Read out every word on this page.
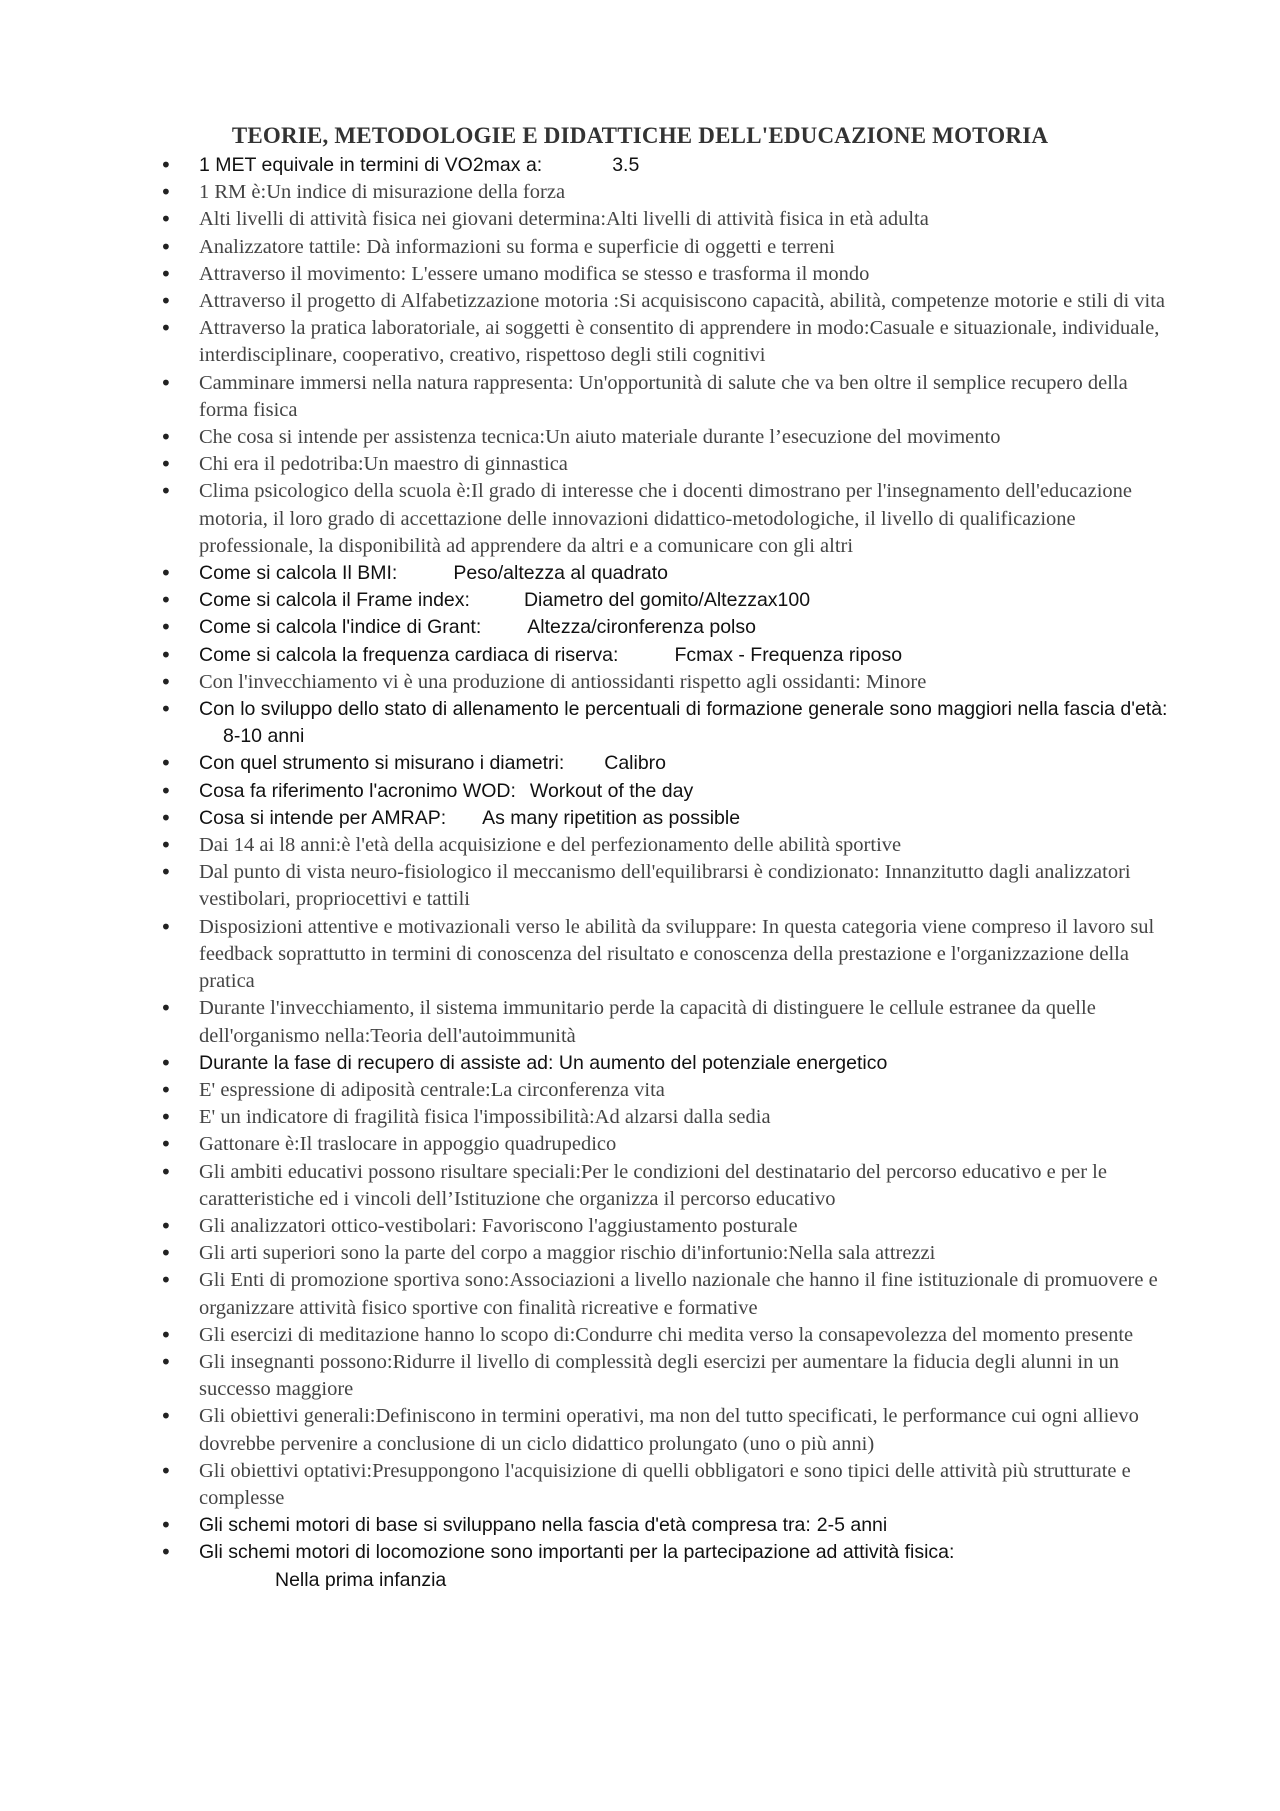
TEORIE, METODOLOGIE E DIDATTICHE DELL'EDUCAZIONE MOTORIA
•	1 MET equivale in termini di VO2max a:	3.5
•	1 RM è:Un indice di misurazione della forza
•	Alti livelli di attività fisica nei giovani determina:Alti livelli di attività fisica in età adulta
•	Analizzatore tattile: Dà informazioni su forma e superficie di oggetti e terreni
•	Attraverso il movimento: L'essere umano modifica se stesso e trasforma il mondo
•	Attraverso il progetto di Alfabetizzazione motoria :Si acquisiscono capacità, abilità, competenze motorie e stili di vita
•	Attraverso la pratica laboratoriale, ai soggetti è consentito di apprendere in modo:Casuale e situazionale, individuale, interdisciplinare, cooperativo, creativo, rispettoso degli stili cognitivi
•	Camminare immersi nella natura rappresenta: Un'opportunità di salute che va ben oltre il semplice recupero della forma fisica
•	Che cosa si intende per assistenza tecnica:Un aiuto materiale durante l’esecuzione del movimento
•	Chi era il pedotriba:Un maestro di ginnastica
•	Clima psicologico della scuola è:Il grado di interesse che i docenti dimostrano per l'insegnamento dell'educazione motoria, il loro grado di accettazione delle innovazioni didattico-metodologiche, il livello di qualificazione professionale, la disponibilità ad apprendere da altri e a comunicare con gli altri
•	Come si calcola Il BMI:	Peso/altezza al quadrato
•	Come si calcola il Frame index:	Diametro del gomito/Altezzax100
•	Come si calcola l'indice di Grant: Altezza/cironferenza polso
•	Come si calcola la frequenza cardiaca di riserva:	Fcmax - Frequenza riposo
•	Con l'invecchiamento vi è una produzione di antiossidanti rispetto agli ossidanti: Minore
•	Con lo sviluppo dello stato di allenamento le percentuali di formazione generale sono maggiori nella fascia d'età:8-10 anni
•	Con quel strumento si misurano i diametri: Calibro
•	Cosa fa riferimento l'acronimo WOD: Workout of the day
•	Cosa si intende per AMRAP: As many ripetition as possible
•	Dai 14 ai l8 anni:è l'età della acquisizione e del perfezionamento delle abilità sportive
•	Dal punto di vista neuro-fisiologico il meccanismo dell'equilibrarsi è condizionato: Innanzitutto dagli analizzatori vestibolari, propriocettivi e tattili
•	Disposizioni attentive e motivazionali verso le abilità da sviluppare: In questa categoria viene compreso il lavoro sul feedback soprattutto in termini di conoscenza del risultato e conoscenza della prestazione e l'organizzazione della pratica
•	Durante l'invecchiamento, il sistema immunitario perde la capacità di distinguere le cellule estranee da quelle dell'organismo nella:Teoria dell'autoimmunità
•	Durante la fase di recupero di assiste ad: Un aumento del potenziale energetico
•	E' espressione di adiposità centrale:La circonferenza vita
•	E' un indicatore di fragilità fisica l'impossibilità:Ad alzarsi dalla sedia
•	Gattonare è:Il traslocare in appoggio quadrupedico
•	Gli ambiti educativi possono risultare speciali:Per le condizioni del destinatario del percorso educativo e per le caratteristiche ed i vincoli dell’Istituzione che organizza il percorso educativo
•	Gli analizzatori ottico-vestibolari: Favoriscono l'aggiustamento posturale
•	Gli arti superiori sono la parte del corpo a maggior rischio di'infortunio:Nella sala attrezzi
•	Gli Enti di promozione sportiva sono:Associazioni a livello nazionale che hanno il fine istituzionale di promuovere e organizzare attività fisico sportive con finalità ricreative e formative
•	Gli esercizi di meditazione hanno lo scopo di:Condurre chi medita verso la consapevolezza del momento presente
•	Gli insegnanti possono:Ridurre il livello di complessità degli esercizi per aumentare la fiducia degli alunni in un successo maggiore
•	Gli obiettivi generali:Definiscono in termini operativi, ma non del tutto specificati, le performance cui ogni allievo dovrebbe pervenire a conclusione di un ciclo didattico prolungato (uno o più anni)
•	Gli obiettivi optativi:Presuppongono l'acquisizione di quelli obbligatori e sono tipici delle attività più strutturate e complesse
•	Gli schemi motori di base si sviluppano nella fascia d'età compresa tra: 2-5 anni
•	Gli schemi motori di locomozione sono importanti per la partecipazione ad attività fisica:
Nella prima infanzia
